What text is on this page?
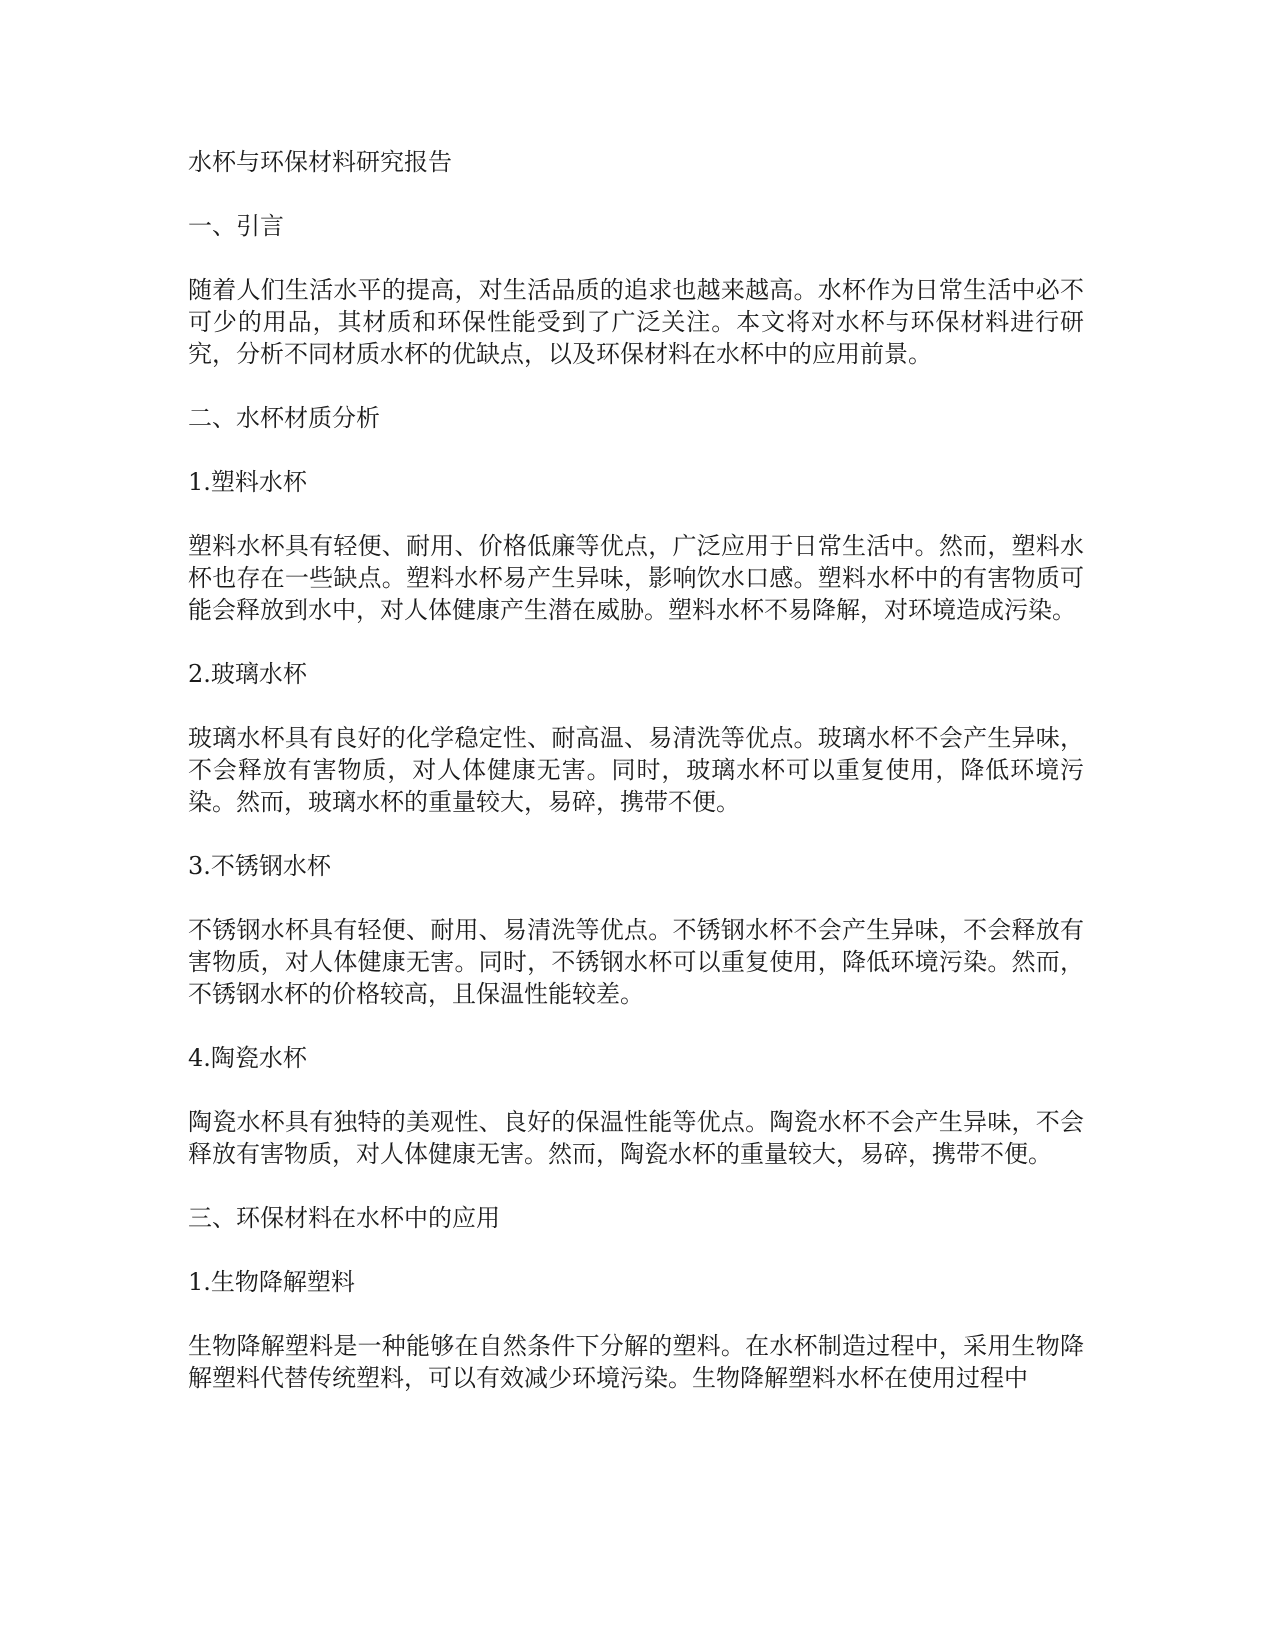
水杯与环保材料研究报告

一、引言

随着人们生活水平的提高，对生活品质的追求也越来越高。水杯作为日常生活中必不可少的用品，其材质和环保性能受到了广泛关注。本文将对水杯与环保材料进行研究，分析不同材质水杯的优缺点，以及环保材料在水杯中的应用前景。

二、水杯材质分析

1.塑料水杯

塑料水杯具有轻便、耐用、价格低廉等优点，广泛应用于日常生活中。然而，塑料水杯也存在一些缺点。塑料水杯易产生异味，影响饮水口感。塑料水杯中的有害物质可能会释放到水中，对人体健康产生潜在威胁。塑料水杯不易降解，对环境造成污染。

2.玻璃水杯

玻璃水杯具有良好的化学稳定性、耐高温、易清洗等优点。玻璃水杯不会产生异味，不会释放有害物质，对人体健康无害。同时，玻璃水杯可以重复使用，降低环境污染。然而，玻璃水杯的重量较大，易碎，携带不便。

3.不锈钢水杯

不锈钢水杯具有轻便、耐用、易清洗等优点。不锈钢水杯不会产生异味，不会释放有害物质，对人体健康无害。同时，不锈钢水杯可以重复使用，降低环境污染。然而，不锈钢水杯的价格较高，且保温性能较差。

4.陶瓷水杯

陶瓷水杯具有独特的美观性、良好的保温性能等优点。陶瓷水杯不会产生异味，不会释放有害物质，对人体健康无害。然而，陶瓷水杯的重量较大，易碎，携带不便。

三、环保材料在水杯中的应用

1.生物降解塑料

生物降解塑料是一种能够在自然条件下分解的塑料。在水杯制造过程中，采用生物降解塑料代替传统塑料，可以有效减少环境污染。生物降解塑料水杯在使用过程中
